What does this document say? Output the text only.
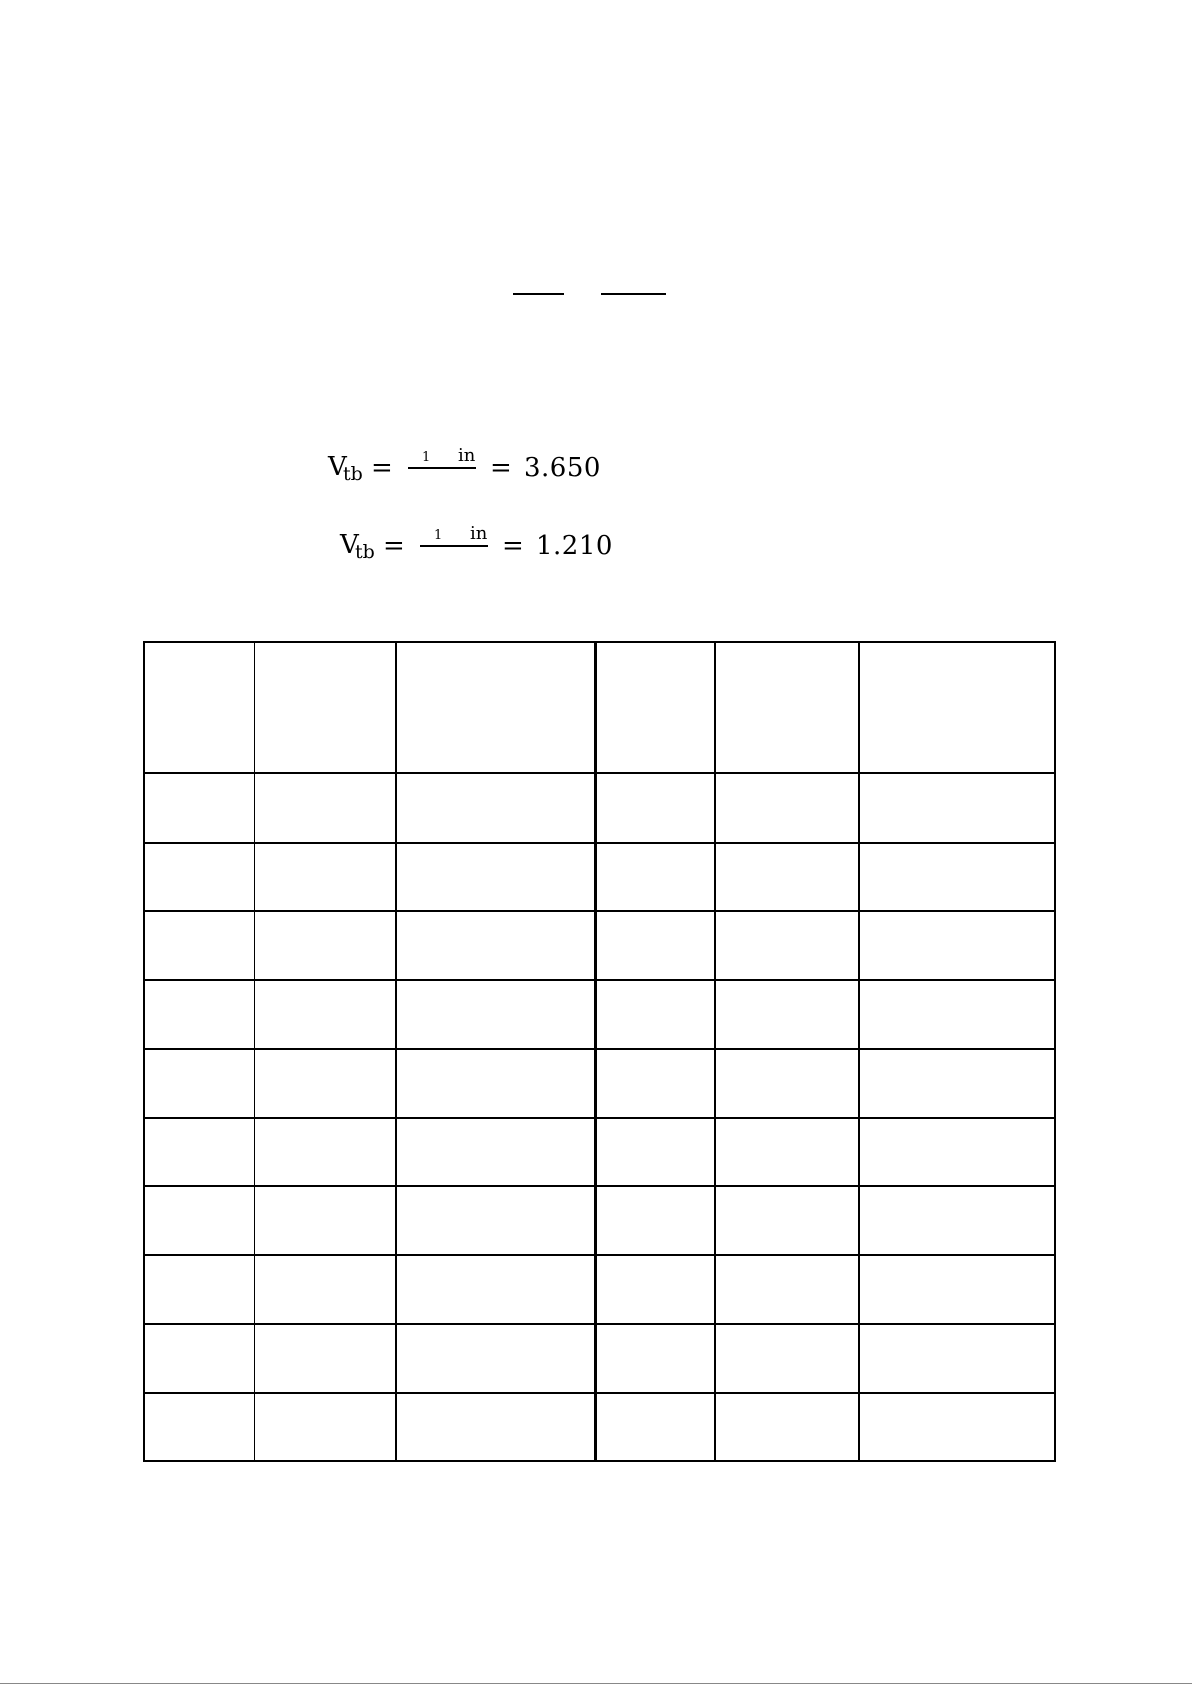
V
tb = 1 in = 3.650
V
tb = 1 in = 1.210
